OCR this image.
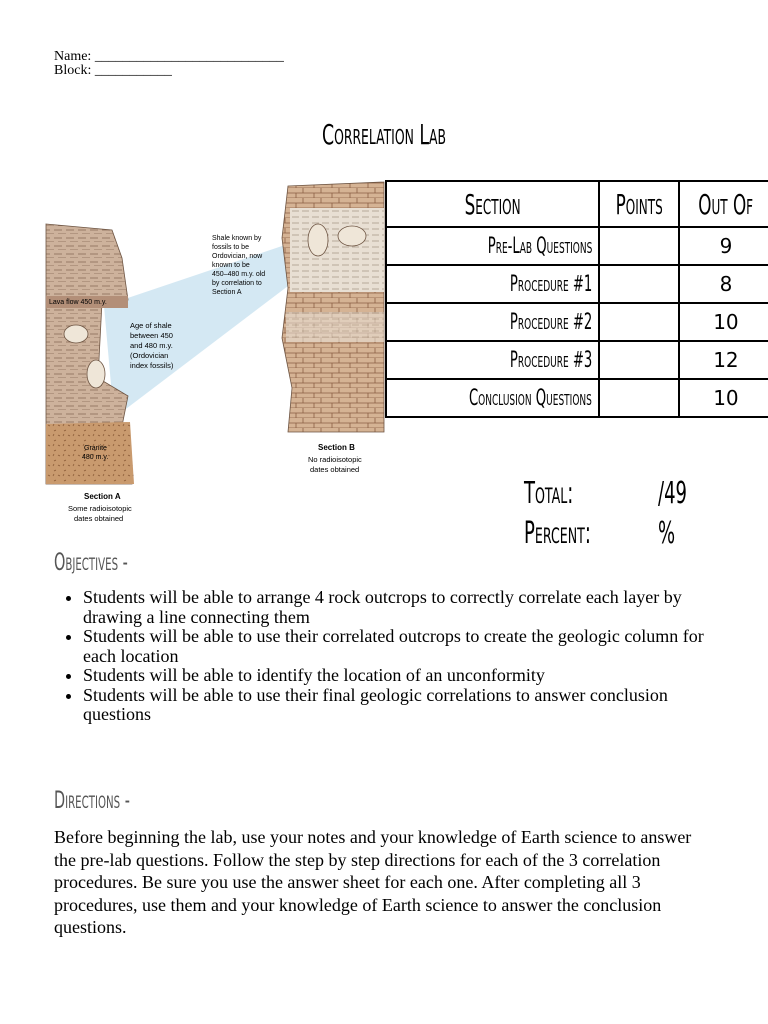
Name: ___________________________
Block: ___________
Correlation Lab
Lava flow 450 m.y.
Granite
480 m.y.
Age of shale
between 450
and 480 m.y.
(Ordovician
index fossils)
Shale known by
fossils to be
Ordovician, now
known to be
450–480 m.y. old
by correlation to
Section A
Section A
Some radioisotopic
dates obtained
Section B
No radioisotopic
dates obtained
Section	Points	Out Of
Pre-Lab Questions		9
Procedure #1		8
Procedure #2		10
Procedure #3		12
Conclusion Questions		10
Total:	/49
Percent: %
Objectives -
• Students will be able to arrange 4 rock outcrops to correctly correlate each layer by drawing a line connecting them
• Students will be able to use their correlated outcrops to create the geologic column for each location
• Students will be able to identify the location of an unconformity
• Students will be able to use their final geologic correlations to answer conclusion questions
Directions -

Before beginning the lab, use your notes and your knowledge of Earth science to answer the pre-lab questions. Follow the step by step directions for each of the 3 correlation procedures. Be sure you use the answer sheet for each one. After completing all 3 procedures, use them and your knowledge of Earth science to answer the conclusion questions.
